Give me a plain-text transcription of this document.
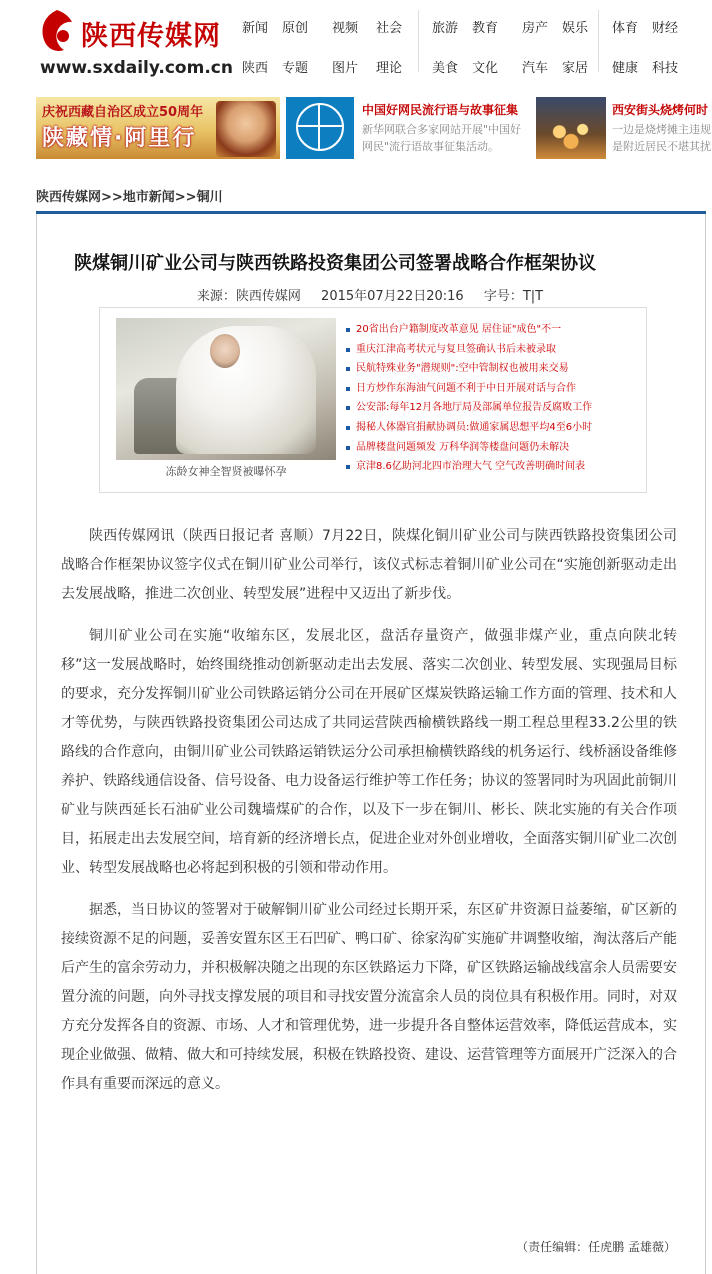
陕西传媒网
www.sxdaily.com.cn
新闻 原创 视频 社会 旅游 教育 房产 娱乐 体育 财经
陕西 专题 图片 理论 美食 文化 汽车 家居 健康 科技
庆祝西藏自治区成立50周年
陕藏情·阿里行
中国好网民流行语与故事征集
新华网联合多家网站开展"中国好网民"流行语故事征集活动。
西安街头烧烤何时
一边是烧烤摊主违规
是附近居民不堪其扰
陕西传媒网>>地市新闻>>铜川
陕煤铜川矿业公司与陕西铁路投资集团公司签署战略合作框架协议
来源：陕西传媒网 2015年07月22日20:16 字号：T|T
冻龄女神全智贤被曝怀孕
20省出台户籍制度改革意见 居住证"成色"不一
重庆江津高考状元与复旦签确认书后未被录取
民航特殊业务"潜规则":空中管制权也被用来交易
日方炒作东海油气问题不利于中日开展对话与合作
公安部:每年12月各地厅局及部属单位报告反腐败工作
揭秘人体器官捐献协调员:做通家属思想平均4至6小时
品牌楼盘问题频发 万科华润等楼盘问题仍未解决
京津8.6亿助河北四市治理大气 空气改善明确时间表

陕西传媒网讯（陕西日报记者 喜顺）7月22日，陕煤化铜川矿业公司与陕西铁路投资集团公司战略合作框架协议签字仪式在铜川矿业公司举行，该仪式标志着铜川矿业公司在“实施创新驱动走出去发展战略，推进二次创业、转型发展”进程中又迈出了新步伐。

铜川矿业公司在实施“收缩东区，发展北区，盘活存量资产，做强非煤产业，重点向陕北转移”这一发展战略时，始终围绕推动创新驱动走出去发展、落实二次创业、转型发展、实现强局目标的要求，充分发挥铜川矿业公司铁路运销分公司在开展矿区煤炭铁路运输工作方面的管理、技术和人才等优势，与陕西铁路投资集团公司达成了共同运营陕西榆横铁路线一期工程总里程33.2公里的铁路线的合作意向，由铜川矿业公司铁路运销铁运分公司承担榆横铁路线的机务运行、线桥涵设备维修养护、铁路线通信设备、信号设备、电力设备运行维护等工作任务；协议的签署同时为巩固此前铜川矿业与陕西延长石油矿业公司魏墙煤矿的合作，以及下一步在铜川、彬长、陕北实施的有关合作项目，拓展走出去发展空间，培育新的经济增长点，促进企业对外创业增收，全面落实铜川矿业二次创业、转型发展战略也必将起到积极的引领和带动作用。

据悉，当日协议的签署对于破解铜川矿业公司经过长期开采，东区矿井资源日益萎缩，矿区新的接续资源不足的问题，妥善安置东区王石凹矿、鸭口矿、徐家沟矿实施矿井调整收缩，淘汰落后产能后产生的富余劳动力，并积极解决随之出现的东区铁路运力下降，矿区铁路运输战线富余人员需要安置分流的问题，向外寻找支撑发展的项目和寻找安置分流富余人员的岗位具有积极作用。同时，对双方充分发挥各自的资源、市场、人才和管理优势，进一步提升各自整体运营效率，降低运营成本，实现企业做强、做精、做大和可持续发展，积极在铁路投资、建设、运营管理等方面展开广泛深入的合作具有重要而深远的意义。

（责任编辑：任虎鹏 孟雄薇）
